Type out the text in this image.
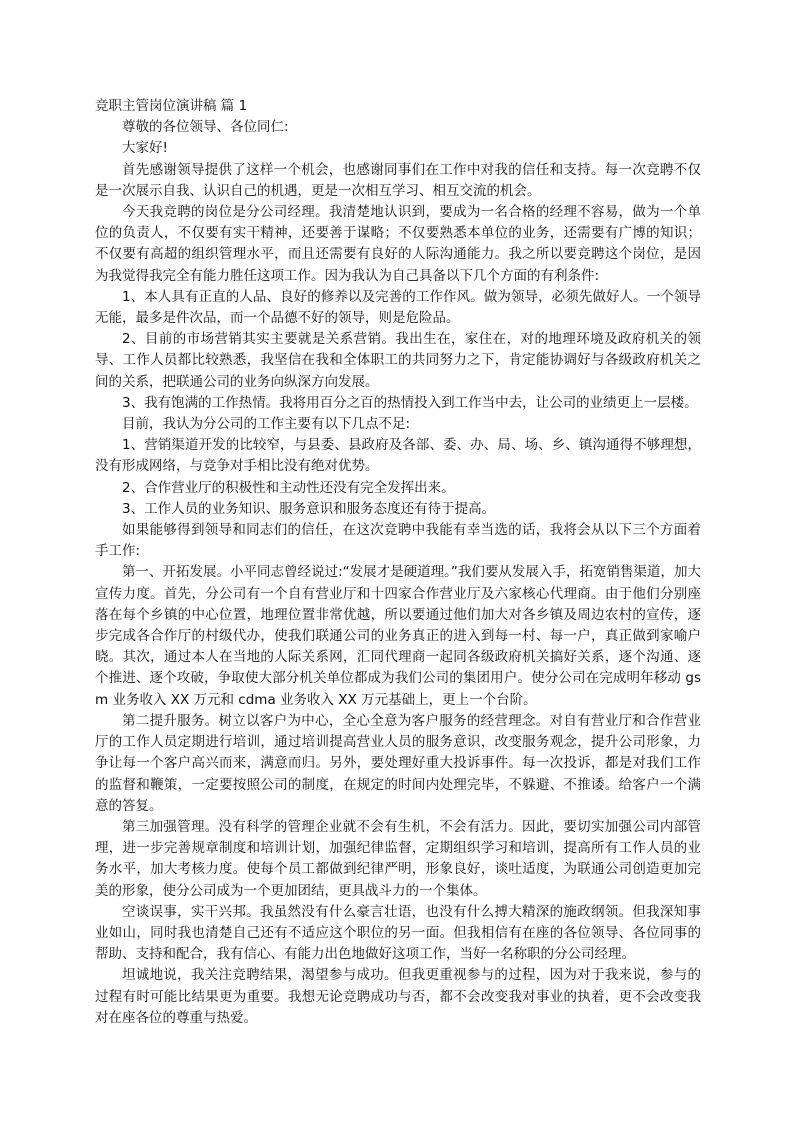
竞职主管岗位演讲稿 篇 1

尊敬的各位领导、各位同仁:

大家好!

首先感谢领导提供了这样一个机会，也感谢同事们在工作中对我的信任和支持。每一次竞聘不仅是一次展示自我、认识自己的机遇，更是一次相互学习、相互交流的机会。

今天我竞聘的岗位是分公司经理。我清楚地认识到，要成为一名合格的经理不容易，做为一个单位的负责人，不仅要有实干精神，还要善于谋略；不仅要熟悉本单位的业务，还需要有广博的知识；不仅要有高超的组织管理水平，而且还需要有良好的人际沟通能力。我之所以要竞聘这个岗位，是因为我觉得我完全有能力胜任这项工作。因为我认为自己具备以下几个方面的有利条件:

1、本人具有正直的人品、良好的修养以及完善的工作作风。做为领导，必须先做好人。一个领导无能，最多是件次品，而一个品德不好的领导，则是危险品。

2、目前的市场营销其实主要就是关系营销。我出生在，家住在，对的地理环境及政府机关的领导、工作人员都比较熟悉，我坚信在我和全体职工的共同努力之下，肯定能协调好与各级政府机关之间的关系，把联通公司的业务向纵深方向发展。

3、我有饱满的工作热情。我将用百分之百的热情投入到工作当中去，让公司的业绩更上一层楼。

目前，我认为分公司的工作主要有以下几点不足:

1、营销渠道开发的比较窄，与县委、县政府及各部、委、办、局、场、乡、镇沟通得不够理想，没有形成网络，与竞争对手相比没有绝对优势。

2、合作营业厅的积极性和主动性还没有完全发挥出来。

3、工作人员的业务知识、服务意识和服务态度还有待于提高。

如果能够得到领导和同志们的信任，在这次竞聘中我能有幸当选的话，我将会从以下三个方面着手工作:

第一、开拓发展。小平同志曾经说过:“发展才是硬道理。”我们要从发展入手，拓宽销售渠道，加大宣传力度。首先，分公司有一个自有营业厅和十四家合作营业厅及六家核心代理商。由于他们分别座落在每个乡镇的中心位置，地理位置非常优越，所以要通过他们加大对各乡镇及周边农村的宣传，逐步完成各合作厅的村级代办，使我们联通公司的业务真正的进入到每一村、每一户，真正做到家喻户晓。其次，通过本人在当地的人际关系网，汇同代理商一起同各级政府机关搞好关系，逐个沟通、逐个推进、逐个攻破，争取使大部分机关单位都成为我们公司的集团用户。使分公司在完成明年移动 gsm 业务收入 XX 万元和 cdma 业务收入 XX 万元基础上，更上一个台阶。

第二提升服务。树立以客户为中心，全心全意为客户服务的经营理念。对自有营业厅和合作营业厅的工作人员定期进行培训，通过培训提高营业人员的服务意识，改变服务观念，提升公司形象，力争让每一个客户高兴而来，满意而归。另外，要处理好重大投诉事件。每一次投诉，都是对我们工作的监督和鞭策，一定要按照公司的制度，在规定的时间内处理完毕，不躲避、不推诿。给客户一个满意的答复。

第三加强管理。没有科学的管理企业就不会有生机，不会有活力。因此，要切实加强公司内部管理，进一步完善规章制度和培训计划，加强纪律监督，定期组织学习和培训，提高所有工作人员的业务水平，加大考核力度。使每个员工都做到纪律严明，形象良好，谈吐适度，为联通公司创造更加完美的形象，使分公司成为一个更加团结，更具战斗力的一个集体。

空谈误事，实干兴邦。我虽然没有什么豪言壮语，也没有什么搏大精深的施政纲领。但我深知事业如山，同时我也清楚自己还有不适应这个职位的另一面。但我相信有在座的各位领导、各位同事的帮助、支持和配合，我有信心、有能力出色地做好这项工作，当好一名称职的分公司经理。

坦诚地说，我关注竞聘结果，渴望参与成功。但我更重视参与的过程，因为对于我来说，参与的过程有时可能比结果更为重要。我想无论竞聘成功与否，都不会改变我对事业的执着，更不会改变我对在座各位的尊重与热爱。
